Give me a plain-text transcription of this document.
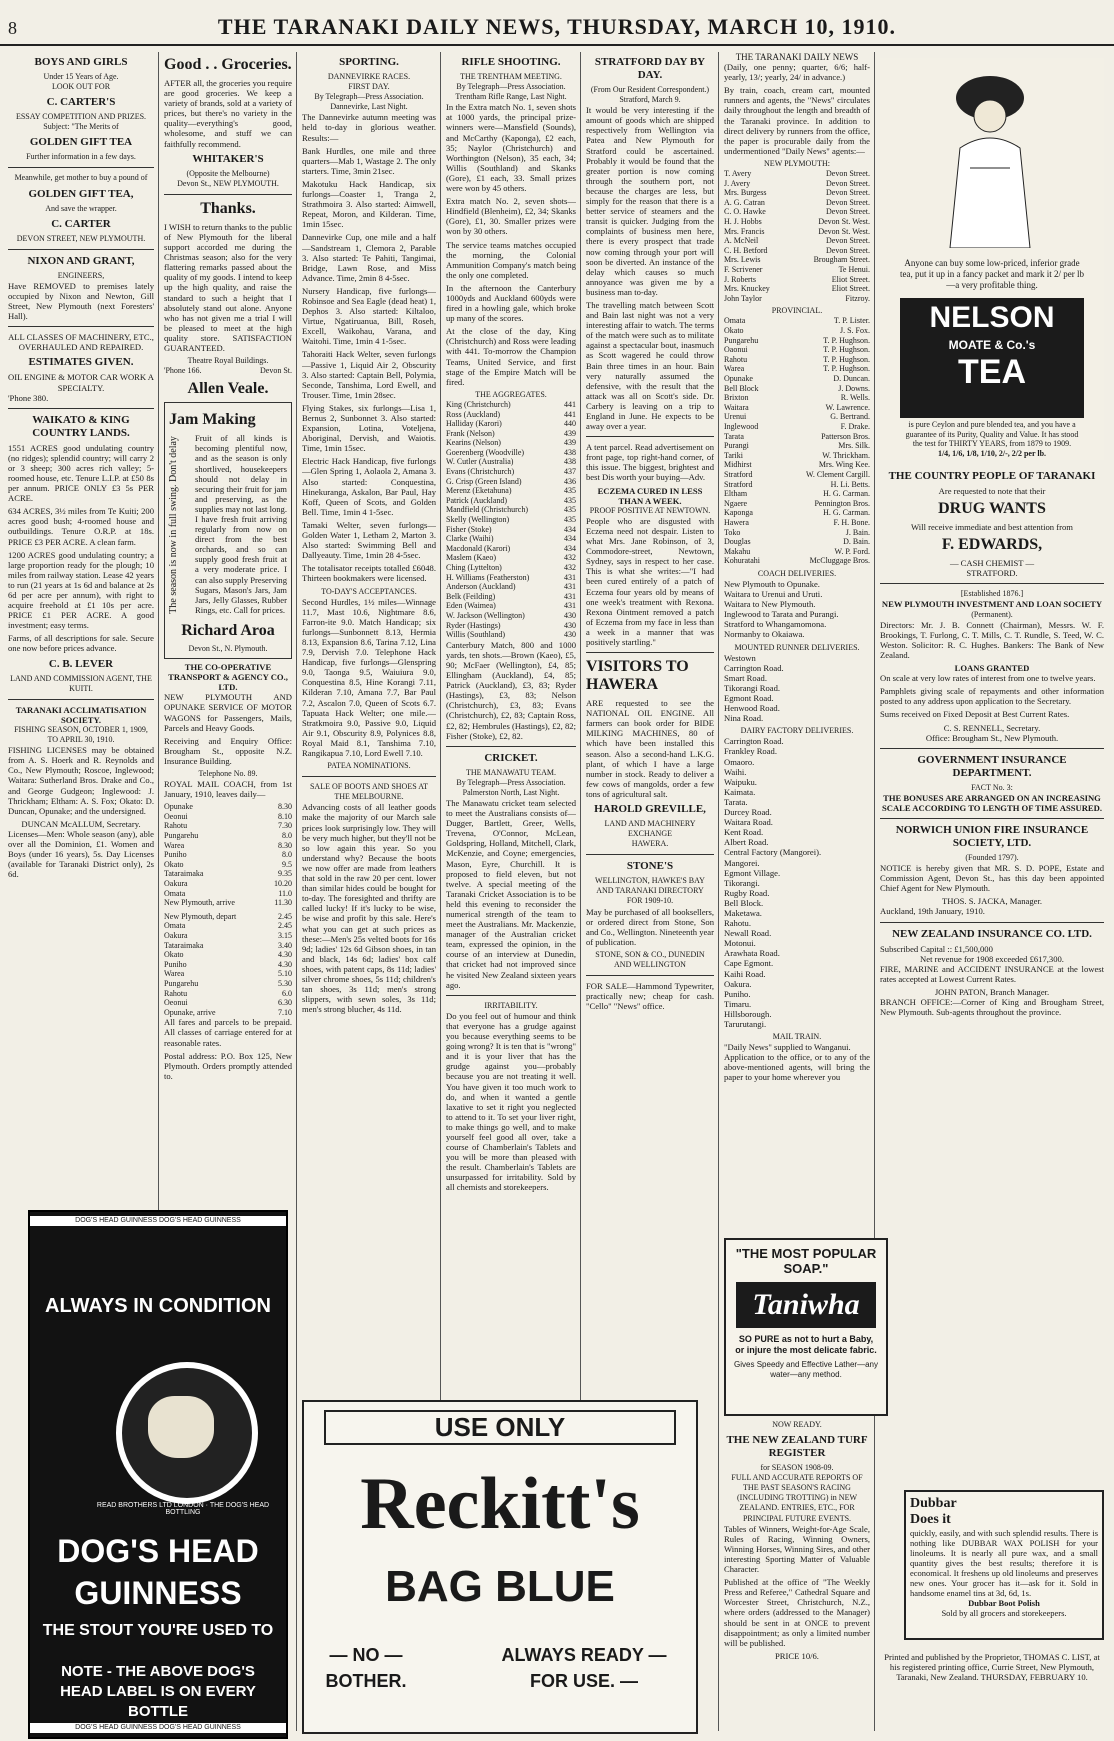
8	THE TARANAKI DAILY NEWS, THURSDAY, MARCH 10, 1910.
BOYS AND GIRLS
Under 15 Years of Age.
LOOK OUT FOR
C. CARTER'S
ESSAY COMPETITION AND PRIZES.
Subject: "The Merits of
GOLDEN GIFT TEA
Further information in a few days.
Meanwhile, get mother to buy a pound of
GOLDEN GIFT TEA,
And save the wrapper.
C. CARTER
DEVON STREET, NEW PLYMOUTH.
NIXON AND GRANT,
ENGINEERS,

Have REMOVED to premises lately occupied by Nixon and Newton, Gill Street, New Plymouth (next Foresters' Hall).

ALL CLASSES OF MACHINERY, ETC., OVERHAULED AND REPAIRED.
ESTIMATES GIVEN.
OIL ENGINE & MOTOR CAR WORK A SPECIALTY.
'Phone 380.
WAIKATO & KING COUNTRY LANDS.

1551 ACRES good undulating country (no ridges); splendid country; will carry 2 or 3 sheep; 300 acres rich valley; 5-roomed house, etc. Tenure L.I.P. at £50 8s per annum. PRICE ONLY £3 5s PER ACRE.

634 ACRES, 3½ miles from Te Kuiti; 200 acres good bush; 4-roomed house and outbuildings. Tenure O.R.P. at 18s. PRICE £3 PER ACRE. A clean farm.

1200 ACRES good undulating country; a large proportion ready for the plough; 10 miles from railway station. Lease 42 years to run (21 years at 1s 6d and balance at 2s 6d per acre per annum), with right to acquire freehold at £1 10s per acre. PRICE £1 PER ACRE. A good investment; easy terms.

Farms, of all descriptions for sale. Secure one now before prices advance.

C. B. LEVER
LAND AND COMMISSION AGENT, THE KUITI.
TARANAKI ACCLIMATISATION SOCIETY.
FISHING SEASON, OCTOBER 1, 1909, TO APRIL 30, 1910.

FISHING LICENSES may be obtained from A. S. Hoerk and R. Reynolds and Co., New Plymouth; Roscoe, Inglewood; Waitara: Sutherland Bros. Drake and Co., and George Gudgeon; Inglewood: J. Thrickham; Eltham: A. S. Fox; Okato: D. Duncan, Opunake; and the undersigned.

DUNCAN McALLUM, Secretary.

Licenses—Men: Whole season (any), able over all the Dominion, £1. Women and Boys (under 16 years), 5s. Day Licenses (available for Taranaki District only), 2s 6d.

Good . . Groceries.

AFTER all, the groceries you require are good groceries. We keep a variety of brands, sold at a variety of prices, but there's no variety in the quality—everything's good, wholesome, and stuff we can faithfully recommend.

WHITAKER'S
(Opposite the Melbourne)
Devon St., NEW PLYMOUTH.
Thanks.

I WISH to return thanks to the public of New Plymouth for the liberal support accorded me during the Christmas season; also for the very flattering remarks passed about the quality of my goods. I intend to keep up the high quality, and raise the standard to such a height that I absolutely stand out alone. Anyone who has not given me a trial I will be pleased to meet at the high quality store. SATISFACTION GUARANTEED.

Theatre Royal Buildings.
'Phone 166.	Devon St.
Allen Veale.
Jam Making
The season is now in full swing. Don't delay	Fruit of all kinds is becoming plentiful now, and as the season is only shortlived, housekeepers should not delay in securing their fruit for jam and preserving, as the supplies may not last long. I have fresh fruit arriving regularly from now on direct from the best orchards, and so can supply good fresh fruit at a very moderate price. I can also supply Preserving Sugars, Mason's Jars, Jam Jars, Jelly Glasses, Rubber Rings, etc. Call for prices.

Richard Aroa
Devon St., N. Plymouth.
THE CO-OPERATIVE TRANSPORT & AGENCY CO., LTD.

NEW PLYMOUTH AND OPUNAKE SERVICE OF MOTOR WAGONS for Passengers, Mails, Parcels and Heavy Goods.

Receiving and Enquiry Office: Brougham St., opposite N.Z. Insurance Building.

Telephone No. 89.

ROYAL MAIL COACH, from 1st January, 1910, leaves daily—

Opunake	8.30
Oeonui	8.10
Rahotu	7.30
Pungarehu	8.0
Warea	8.30
Puniho	8.0
Okato	9.5
Tataraimaka	9.35
Oakura	10.20
Omata	11.0
New Plymouth, arrive	11.30
New Plymouth, depart	2.45
Omata	2.45
Oakura	3.15
Tataraimaka	3.40
Okato	4.30
Puniho	4.30
Warea	5.10
Pungarehu	5.30
Rahotu	6.0
Oeonui	6.30
Opunake, arrive	7.10

All fares and parcels to be prepaid. All classes of carriage entered for at reasonable rates.

Postal address: P.O. Box 125, New Plymouth. Orders promptly attended to.

SPORTING.
DANNEVIRKE RACES.
FIRST DAY.
By Telegraph—Press Association. Dannevirke, Last Night.

The Dannevirke autumn meeting was held to-day in glorious weather. Results:—

Bank Hurdles, one mile and three quarters—Mab 1, Wastage 2. The only starters. Time, 3min 21sec.

Makotuku Hack Handicap, six furlongs—Coaster 1, Tranga 2, Strathmoira 3. Also started: Aimwell, Repeat, Moron, and Kilderan. Time, 1min 15sec.

Dannevirke Cup, one mile and a half—Sandstream 1, Clemora 2, Parable 3. Also started: Te Pahiti, Tangimai, Bridge, Lawn Rose, and Miss Advance. Time, 2min 8 4-5sec.

Nursery Handicap, five furlongs—Robinsoe and Sea Eagle (dead heat) 1, Dephos 3. Also started: Kiltaloo, Virtue, Ngatiruanua, Bill, Roseh, Excell, Waikohau, Varana, and Waitohi. Time, 1min 4 1-5sec.

Tahoraiti Hack Welter, seven furlongs—Passive 1, Liquid Air 2, Obscurity 3. Also started: Captain Bell, Polymia, Seconde, Tanshima, Lord Ewell, and Trouser. Time, 1min 28sec.

Flying Stakes, six furlongs—Lisa 1, Bernus 2, Sunbonnet 3. Also started: Expansion, Lotina, Voteljena, Aboriginal, Dervish, and Waiotis. Time, 1min 15sec.

Electric Hack Handicap, five furlongs—Glen Spring 1, Aolaola 2, Amana 3. Also started: Conquestina, Hinekuranga, Askalon, Bar Paul, Hay Koff, Queen of Scots, and Golden Bell. Time, 1min 4 1-5sec.

Tamaki Welter, seven furlongs—Golden Water 1, Letham 2, Marton 3. Also started: Swimming Bell and Dallyeauty. Time, 1min 28 4-5sec.

The totalisator receipts totalled £6048. Thirteen bookmakers were licensed.

TO-DAY'S ACCEPTANCES.

Second Hurdles, 1½ miles—Winnage 11.7, Mast 10.6, Nightmare 8.6, Farron-ite 9.0. Match Handicap; six furlongs—Sunbonnett 8.13, Hermia 8.13, Expansion 8.6, Tarina 7.12, Lina 7.9, Dervish 7.0. Telephone Hack Handicap, five furlongs—Glenspring 9.0, Taonga 9.5, Waiuiura 9.0, Conquestina 8.5, Hine Korangi 7.11, Kilderan 7.10, Amana 7.7, Bar Paul 7.2, Ascalon 7.0, Queen of Scots 6.7. Tapuata Hack Welter; one mile.—Stratkmoira 9.0, Passive 9.0, Liquid Air 9.1, Obscurity 8.9, Polynices 8.8, Royal Maid 8.1, Tanshima 7.10, Rangikapua 7.10, Lord Ewell 7.10.

PATEA NOMINATIONS.
SALE OF BOOTS AND SHOES AT THE MELBOURNE.

Advancing costs of all leather goods make the majority of our March sale prices look surprisingly low. They will be very much higher, but they'll not be so low again this year. So you understand why? Because the boots we now offer are made from leathers that sold in the raw 20 per cent. lower than similar hides could be bought for to-day. The foresighted and thrifty are called lucky! If it's lucky to be wise, be wise and profit by this sale. Here's what you can get at such prices as these:—Men's 25s velted boots for 16s 9d; ladies' 12s 6d Gibson shoes, in tan and black, 14s 6d; ladies' box calf shoes, with patent caps, 8s 11d; ladies' silver chrome shoes, 5s 11d; children's tan shoes, 3s 11d; men's strong slippers, with sewn soles, 3s 11d; men's strong blucher, 4s 11d.

RIFLE SHOOTING.
THE TRENTHAM MEETING.
By Telegraph—Press Association. Trentham Rifle Range, Last Night.

In the Extra match No. 1, seven shots at 1000 yards, the principal prize-winners were—Mansfield (Sounds), and McCarthy (Kaponga), £2 each, 35; Naylor (Christchurch) and Worthington (Nelson), 35 each, 34; Willis (Southland) and Skanks (Gore), £1 each, 33. Small prizes were won by 45 others.

Extra match No. 2, seven shots—Hindfield (Blenheim), £2, 34; Skanks (Gore), £1, 30. Smaller prizes were won by 30 others.

The service teams matches occupied the morning, the Colonial Ammunition Company's match being the only one completed.

In the afternoon the Canterbury 1000yds and Auckland 600yds were fired in a howling gale, which broke up many of the scores.

At the close of the day, King (Christchurch) and Ross were leading with 441. To-morrow the Champion Teams, United Service, and first stage of the Empire Match will be fired.

THE AGGREGATES.
King (Christchurch)	441
Ross (Auckland)	441
Halliday (Karori)	440
Frank (Nelson)	439
Kearins (Nelson)	439
Goerenberg (Woodville)	438
W. Cutler (Australia)	438
Evans (Christchurch)	437
G. Crisp (Green Island)	436
Merenz (Eketahuna)	435
Patrick (Auckland)	435
Mandfield (Christchurch)	435
Skelly (Wellington)	435
Fisher (Stoke)	434
Clarke (Waihi)	434
Macdonald (Karori)	434
Maslem (Kaeo)	432
Ching (Lyttelton)	432
H. Williams (Featherston)	431
Anderson (Auckland)	431
Belk (Feilding)	431
Eden (Waimea)	431
W. Jackson (Wellington)	430
Ryder (Hastings)	430
Willis (Southland)	430

Canterbury Match, 800 and 1000 yards, ten shots.—Brown (Kaeo), £5, 90; McFaer (Wellington), £4, 85; Ellingham (Auckland), £4, 85; Patrick (Auckland), £3, 83; Ryder (Hastings), £3, 83; Nelson (Christchurch), £3, 83; Evans (Christchurch), £2, 83; Captain Ross, £2, 82; Hembrules (Hastings), £2, 82; Fisher (Stoke), £2, 82.

CRICKET.
THE MANAWATU TEAM.
By Telegraph—Press Association. Palmerston North, Last Night.

The Manawatu cricket team selected to meet the Australians consists of—Dugger, Bartlett, Greer, Wells, Trevena, O'Connor, McLean, Goldspring, Holland, Mitchell, Clark, McKenzie, and Coyne; emergencies, Mason, Eyre, Churchill. It is proposed to field eleven, but not twelve. A special meeting of the Taranaki Cricket Association is to be held this evening to reconsider the numerical strength of the team to meet the Australians. Mr. Mackenzie, manager of the Australian cricket team, expressed the opinion, in the course of an interview at Dunedin, that cricket had not improved since he visited New Zealand sixteen years ago.

IRRITABILITY.

Do you feel out of humour and think that everyone has a grudge against you because everything seems to be going wrong? It is ten that is "wrong" and it is your liver that has the grudge against you—probably because you are not treating it well. You have given it too much work to do, and when it wanted a gentle laxative to set it right you neglected to attend to it. To set your liver right, to make things go well, and to make yourself feel good all over, take a course of Chamberlain's Tablets and you will be more than pleased with the result. Chamberlain's Tablets are unsurpassed for irritability. Sold by all chemists and storekeepers.

STRATFORD DAY BY DAY.
(From Our Resident Correspondent.) Stratford, March 9.

It would be very interesting if the amount of goods which are shipped respectively from Wellington via Patea and New Plymouth for Stratford could be ascertained. Probably it would be found that the greater portion is now coming through the southern port, not because the charges are less, but simply for the reason that there is a better service of steamers and the transit is quicker. Judging from the complaints of business men here, there is every prospect that trade now coming through your port will soon be diverted. An instance of the delay which causes so much annoyance was given me by a business man to-day.

The travelling match between Scott and Bain last night was not a very interesting affair to watch. The terms of the match were such as to militate against a spectacular bout, inasmuch as Scott wagered he could throw Bain three times in an hour. Bain very naturally assumed the defensive, with the result that the attack was all on Scott's side. Dr. Carbery is leaving on a trip to England in June. He expects to be away over a year.

A tent parcel. Read advertisement on front page, top right-hand corner, of this issue. The biggest, brightest and best Dis worth your buying—Adv.

ECZEMA CURED IN LESS THAN A WEEK.
PROOF POSITIVE AT NEWTOWN.

People who are disgusted with Eczema need not despair. Listen to what Mrs. Jane Robinson, of 3, Commodore-street, Newtown, Sydney, says in respect to her case. This is what she writes:—"I had been cured entirely of a patch of Eczema four years old by means of one week's treatment with Rexona. Rexona Ointment removed a patch of Eczema from my face in less than a week in a manner that was positively startling."

VISITORS TO HAWERA

ARE requested to see the NATIONAL OIL ENGINE. All farmers can book order for BIDE MILKING MACHINES, 80 of which have been installed this season. Also a second-hand L.K.G. plant, of which I have a large number in stock. Ready to deliver a few cows of mangolds, order a few tons of agricultural salt.

HAROLD GREVILLE,
LAND AND MACHINERY EXCHANGE
HAWERA.
STONE'S
WELLINGTON, HAWKE'S BAY AND TARANAKI DIRECTORY
FOR 1909-10.

May be purchased of all booksellers, or ordered direct from Stone, Son and Co., Wellington. Nineteenth year of publication.

STONE, SON & CO., DUNEDIN AND WELLINGTON

FOR SALE—Hammond Typewriter, practically new; cheap for cash. "Cello" "News" office.

THE TARANAKI DAILY NEWS

(Daily, one penny; quarter, 6/6; half-yearly, 13/; yearly, 24/ in advance.)

By train, coach, cream cart, mounted runners and agents, the "News" circulates daily throughout the length and breadth of the Taranaki province. In addition to direct delivery by runners from the office, the paper is procurable daily from the undermentioned "Daily News" agents:—

NEW PLYMOUTH:
T. Avery	Devon Street.
J. Avery	Devon Street.
Mrs. Burgess	Devon Street.
A. G. Catran	Devon Street.
C. O. Hawke	Devon Street.
H. J. Hobbs	Devon St. West.
Mrs. Francis	Devon St. West.
A. McNeil	Devon Street.
C. H. Betford	Devon Street.
Mrs. Lewis	Brougham Street.
F. Scrivener	Te Henui.
J. Roberts	Eliot Street.
Mrs. Knuckey	Eliot Street.
John Taylor	Fitzroy.
PROVINCIAL.
Omata	T. P. Lister.
Okato	J. S. Fox.
Pungarehu	T. P. Hughson.
Oaonui	T. P. Hughson.
Rahotu	T. P. Hughson.
Warea	T. P. Hughson.
Opunake	D. Duncan.
Bell Block	J. Downs.
Brixton	R. Wells.
Waitara	W. Lawrence.
Urenui	G. Bertrand.
Inglewood	F. Drake.
Tarata	Patterson Bros.
Purangi	Mrs. Silk.
Tariki	W. Thrickham.
Midhirst	Mrs. Wing Kee.
Stratford	W. Clement Cargill.
Stratford	H. Li. Betts.
Eltham	H. G. Carman.
Ngaere	Pennington Bros.
Kaponga	H. G. Carman.
Hawera	F. H. Bone.
Toko	J. Bain.
Douglas	D. Bain.
Makahu	W. P. Ford.
Kohuratahi	McCluggage Bros.
COACH DELIVERIES.
New Plymouth to Opunake.
Waitara to Urenui and Uruti.
Waitara to New Plymouth.
Inglewood to Tarata and Purangi.
Stratford to Whangamomona.
Normanby to Okaiawa.
MOUNTED RUNNER DELIVERIES.
Westown
Carrington Road.
Smart Road.
Tikorangi Road.
Egmont Road.
Henwood Road.
Nina Road.
DAIRY FACTORY DELIVERIES.
Carrington Road.
Frankley Road.
Omaoro.
Waihi.
Waipuku.
Kaimata.
Tarata.
Durcey Road.
Waitara Road.
Kent Road.
Albert Road.
Central Factory (Mangorei).
Mangorei.
Egmont Village.
Tikorangi.
Rugby Road.
Bell Block.
Maketawa.
Rahotu.
Newall Road.
Motonui.
Arawhata Road.
Cape Egmont.
Kaihi Road.
Oakura.
Puniho.
Timaru.
Hillsborough.
Tarurutangi.
MAIL TRAIN.
"Daily News" supplied to Wanganui.

Application to the office, or to any of the above-mentioned agents, will bring the paper to your home wherever you

THE COUNTRY PEOPLE OF TARANAKI
Are requested to note that their
DRUG WANTS
Will receive immediate and best attention from
F. EDWARDS,
— CASH CHEMIST —
STRATFORD.
[Established 1876.]
NEW PLYMOUTH INVESTMENT AND LOAN SOCIETY
(Permanent).

Directors: Mr. J. B. Connett (Chairman), Messrs. W. F. Brookings, T. Furlong, C. T. Mills, C. T. Rundle, S. Teed, W. C. Weston. Solicitor: R. C. Hughes. Bankers: The Bank of New Zealand.

LOANS GRANTED

On scale at very low rates of interest from one to twelve years.

Pamphlets giving scale of repayments and other information posted to any address upon application to the Secretary.

Sums received on Fixed Deposit at Best Current Rates.

C. S. RENNELL, Secretary.
Office: Brougham St., New Plymouth.
GOVERNMENT INSURANCE DEPARTMENT.
FACT No. 3:
THE BONUSES ARE ARRANGED ON AN INCREASING SCALE ACCORDING TO LENGTH OF TIME ASSURED.
NORWICH UNION FIRE INSURANCE SOCIETY, LTD.
(Founded 1797).

NOTICE is hereby given that MR. S. D. POPE, Estate and Commission Agent, Devon St., has this day been appointed Chief Agent for New Plymouth.

THOS. S. JACKA, Manager.
Auckland, 19th January, 1910.
NEW ZEALAND INSURANCE CO. LTD.
Subscribed Capital :: £1,500,000
Net revenue for 1908 exceeded £617,300.

FIRE, MARINE and ACCIDENT INSURANCE at the lowest rates accepted at Lowest Current Rates.

JOHN PATON, Branch Manager.

BRANCH OFFICE:—Corner of King and Brougham Street, New Plymouth. Sub-agents throughout the province.

Anyone can buy some low-priced, inferior grade tea, put it up in a fancy packet and mark it 2/ per lb—a very profitable thing.
NELSON
MOATE & Co.'s
TEA
is pure Ceylon and pure blended tea, and you have a guarantee of its Purity, Quality and Value. It has stood the test for THIRTY YEARS, from 1879 to 1909.
1/4, 1/6, 1/8, 1/10, 2/-, 2/2 per lb.
DOG'S HEAD GUINNESS DOG'S HEAD GUINNESS
ALWAYS IN CONDITION
READ BROTHERS LTD LONDON · THE DOG'S HEAD BOTTLING
DOG'S HEAD GUINNESS
THE STOUT YOU'RE USED TO
NOTE - THE ABOVE DOG'S HEAD LABEL IS ON EVERY BOTTLE
DOG'S HEAD GUINNESS DOG'S HEAD GUINNESS
USE ONLY
Reckitt's
BAG BLUE
— NO — BOTHER.
ALWAYS READY — FOR USE. —
"THE MOST POPULAR SOAP."
Taniwha
SO PURE as not to hurt a Baby, or injure the most delicate fabric.
Gives Speedy and Effective Lather—any water—any method.
NOW READY.
THE NEW ZEALAND TURF REGISTER
for SEASON 1908-09.
FULL AND ACCURATE REPORTS OF THE PAST SEASON'S RACING (INCLUDING TROTTING) in NEW ZEALAND. ENTRIES, ETC., FOR PRINCIPAL FUTURE EVENTS.

Tables of Winners, Weight-for-Age Scale, Rules of Racing, Winning Owners, Winning Horses, Winning Sires, and other interesting Sporting Matter of Valuable Character.

Published at the office of "The Weekly Press and Referee," Cathedral Square and Worcester Street, Christchurch, N.Z., where orders (addressed to the Manager) should be sent in at ONCE to prevent disappointment; as only a limited number will be published.

PRICE 10/6.
Dubbar
Does it
quickly, easily, and with such splendid results. There is nothing like DUBBAR WAX POLISH for your linoleums. It is nearly all pure wax, and a small quantity gives the best results; therefore it is economical. It freshens up old linoleums and preserves new ones. Your grocer has it—ask for it. Sold in handsome enamel tins at 3d, 6d, 1s.
Dubbar Boot Polish
Sold by all grocers and storekeepers.
Printed and published by the Proprietor, THOMAS C. LIST, at his registered printing office, Currie Street, New Plymouth, Taranaki, New Zealand. THURSDAY, FEBRUARY 10.
